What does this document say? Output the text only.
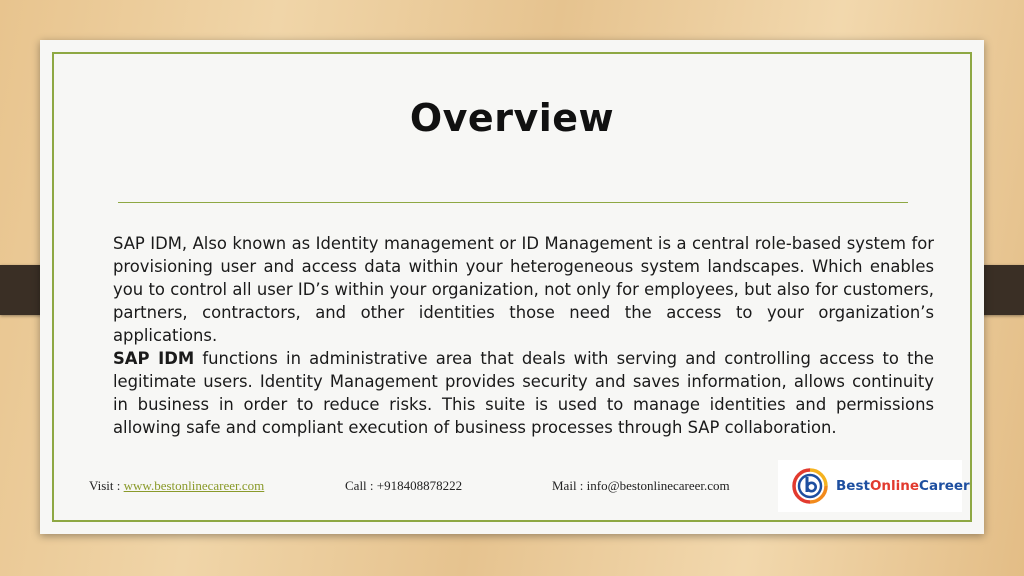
Overview

SAP IDM, Also known as Identity management or ID Management is a central role-based system for provisioning user and access data within your heterogeneous system landscapes. Which enables you to control all user ID’s within your organization, not only for employees, but also for customers, partners, contractors, and other identities those need the access to your organization’s applications.

SAP IDM functions in administrative area that deals with serving and controlling access to the legitimate users. Identity Management provides security and saves information, allows continuity in business in order to reduce risks. This suite is used to manage identities and permissions allowing safe and compliant execution of business processes through SAP collaboration.

Visit : www.bestonlinecareer.com	Call : +918408878222	Mail : info@bestonlinecareer.com	BestOnlineCareer
